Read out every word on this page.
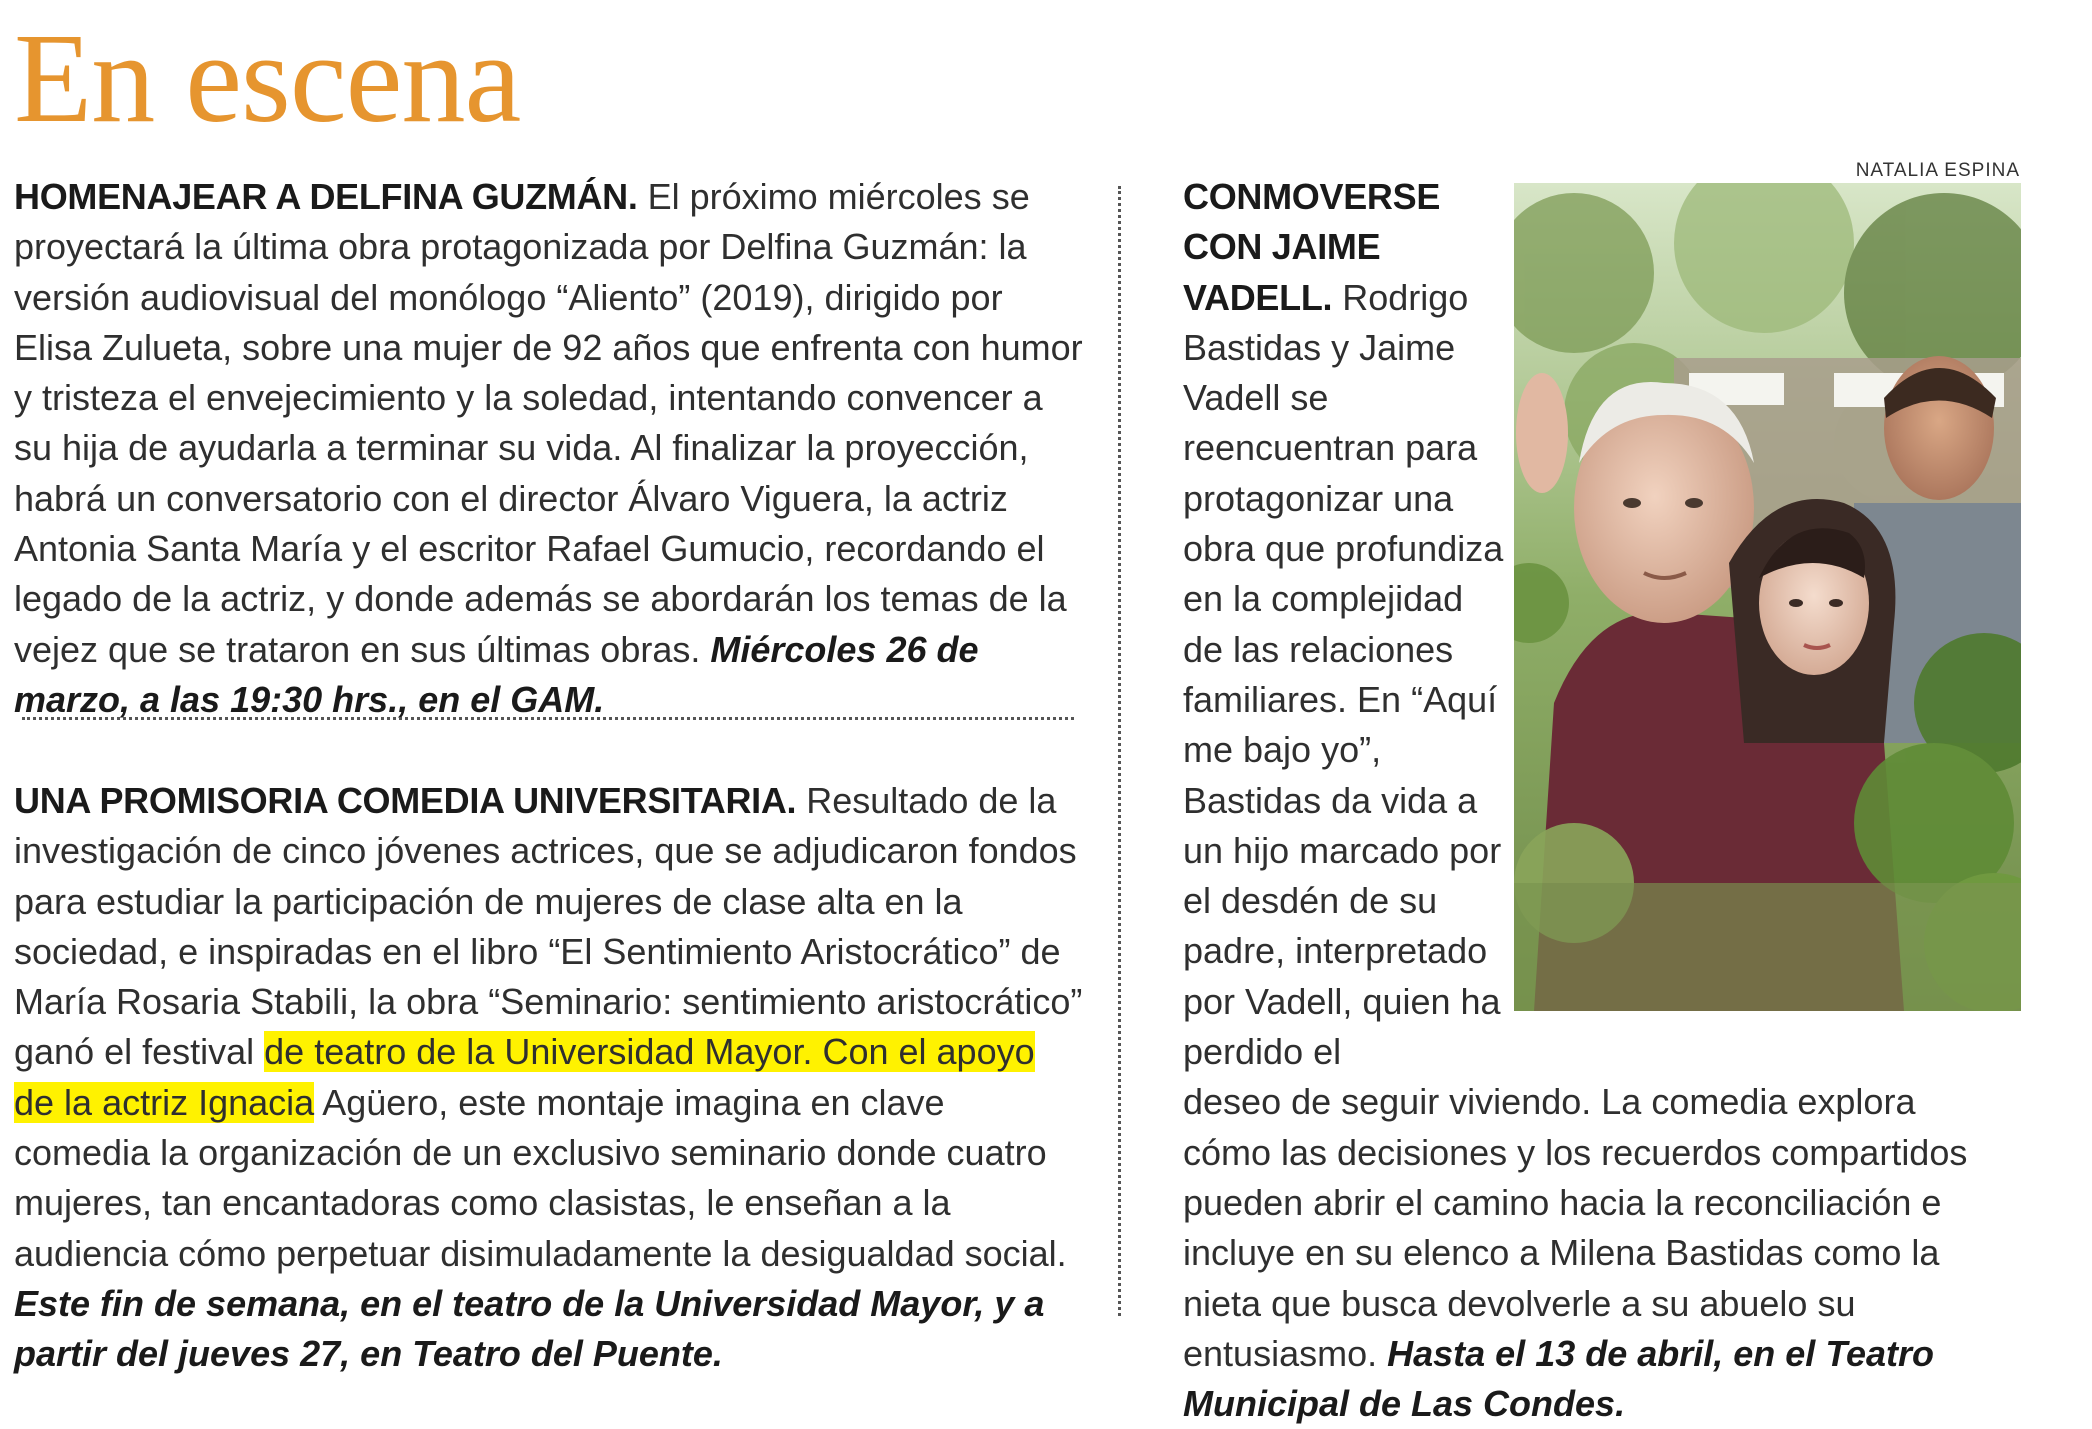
En escena

HOMENAJEAR A DELFINA GUZMÁN. El próximo miércoles se proyectará la última obra protagonizada por Delfina Guzmán: la versión audiovisual del monólogo “Aliento” (2019), dirigido por Elisa Zulueta, sobre una mujer de 92 años que enfrenta con humor y tristeza el envejecimiento y la soledad, intentando convencer a su hija de ayudarla a terminar su vida. Al finalizar la proyección, habrá un conversatorio con el director Álvaro Viguera, la actriz Antonia Santa María y el escritor Rafael Gumucio, recordando el legado de la actriz, y donde además se abordarán los temas de la vejez que se trataron en sus últimas obras. Miércoles 26 de marzo, a las 19:30 hrs., en el GAM.

UNA PROMISORIA COMEDIA UNIVERSITARIA. Resultado de la investigación de cinco jóvenes actrices, que se adjudicaron fondos para estudiar la participación de mujeres de clase alta en la sociedad, e inspiradas en el libro “El Sentimiento Aristocrático” de María Rosaria Stabili, la obra “Seminario: sentimiento aristocrático” ganó el festival de teatro de la Universidad Mayor. Con el apoyo de la actriz Ignacia Agüero, este montaje imagina en clave comedia la organización de un exclusivo seminario donde cuatro mujeres, tan encantadoras como clasistas, le enseñan a la audiencia cómo perpetuar disimuladamente la desigualdad social. Este fin de semana, en el teatro de la Universidad Mayor, y a partir del jueves 27, en Teatro del Puente.

NATALIA ESPINA

CONMOVERSE CON JAIME VADELL. Rodrigo Bastidas y Jaime Vadell se reencuentran para protagonizar una obra que profundiza en la complejidad de las relaciones familiares. En “Aquí me bajo yo”, Bastidas da vida a un hijo marcado por el desdén de su padre, interpretado por Vadell, quien ha perdido el

deseo de seguir viviendo. La comedia explora cómo las decisiones y los recuerdos compartidos pueden abrir el camino hacia la reconciliación e incluye en su elenco a Milena Bastidas como la nieta que busca devolverle a su abuelo su entusiasmo. Hasta el 13 de abril, en el Teatro Municipal de Las Condes.
